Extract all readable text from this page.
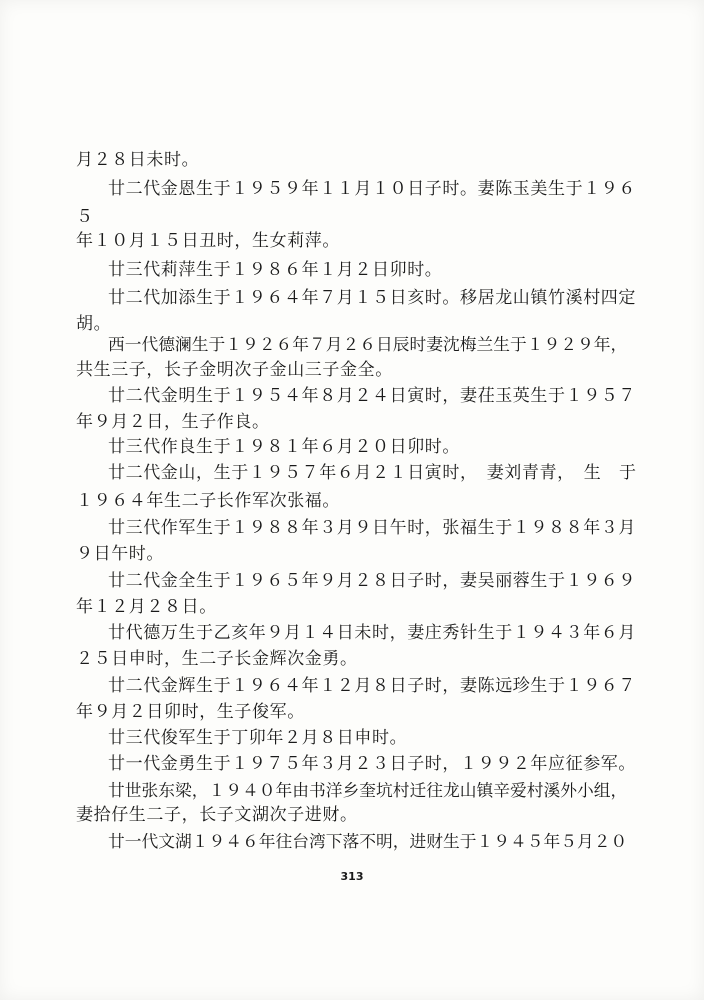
月２８日未时。
廿二代金恩生于１９５９年１１月１０日子时。妻陈玉美生于１９６
５
年１０月１５日丑时，生女莉萍。
廿三代莉萍生于１９８６年１月２日卯时。
廿二代加添生于１９６４年７月１５日亥时。移居龙山镇竹溪村四定
胡。
西一代德澜生于１９２６年７月２６日辰时妻沈梅兰生于１９２９年，
共生三子，长子金明次子金山三子金全。
廿二代金明生于１９５４年８月２４日寅时，妻茌玉英生于１９５７
年９月２日，生子作良。
廿三代作良生于１９８１年６月２０日卯时。
廿二代金山，生于１９５７年６月２１日寅时，　妻刘青青，　生　于
１９６４年生二子长作军次张福。
廿三代作军生于１９８８年３月９日午时，张福生于１９８８年３月
９日午时。
廿二代金全生于１９６５年９月２８日子时，妻吴丽蓉生于１９６９
年１２月２８日。
廿代德万生于乙亥年９月１４日未时，妻庄秀针生于１９４３年６月
２５日申时，生二子长金辉次金勇。
廿二代金辉生于１９６４年１２月８日子时，妻陈远珍生于１９６７
年９月２日卯时，生子俊军。
廿三代俊军生于丁卯年２月８日申时。
廿一代金勇生于１９７５年３月２３日子时，１９９２年应征参军。
廿世张东梁，１９４０年由书洋乡奎坑村迁往龙山镇辛爱村溪外小组，
妻拾仔生二子，长子文湖次子进财。
廿一代文湖１９４６年往台湾下落不明，进财生于１９４５年５月２０
313
